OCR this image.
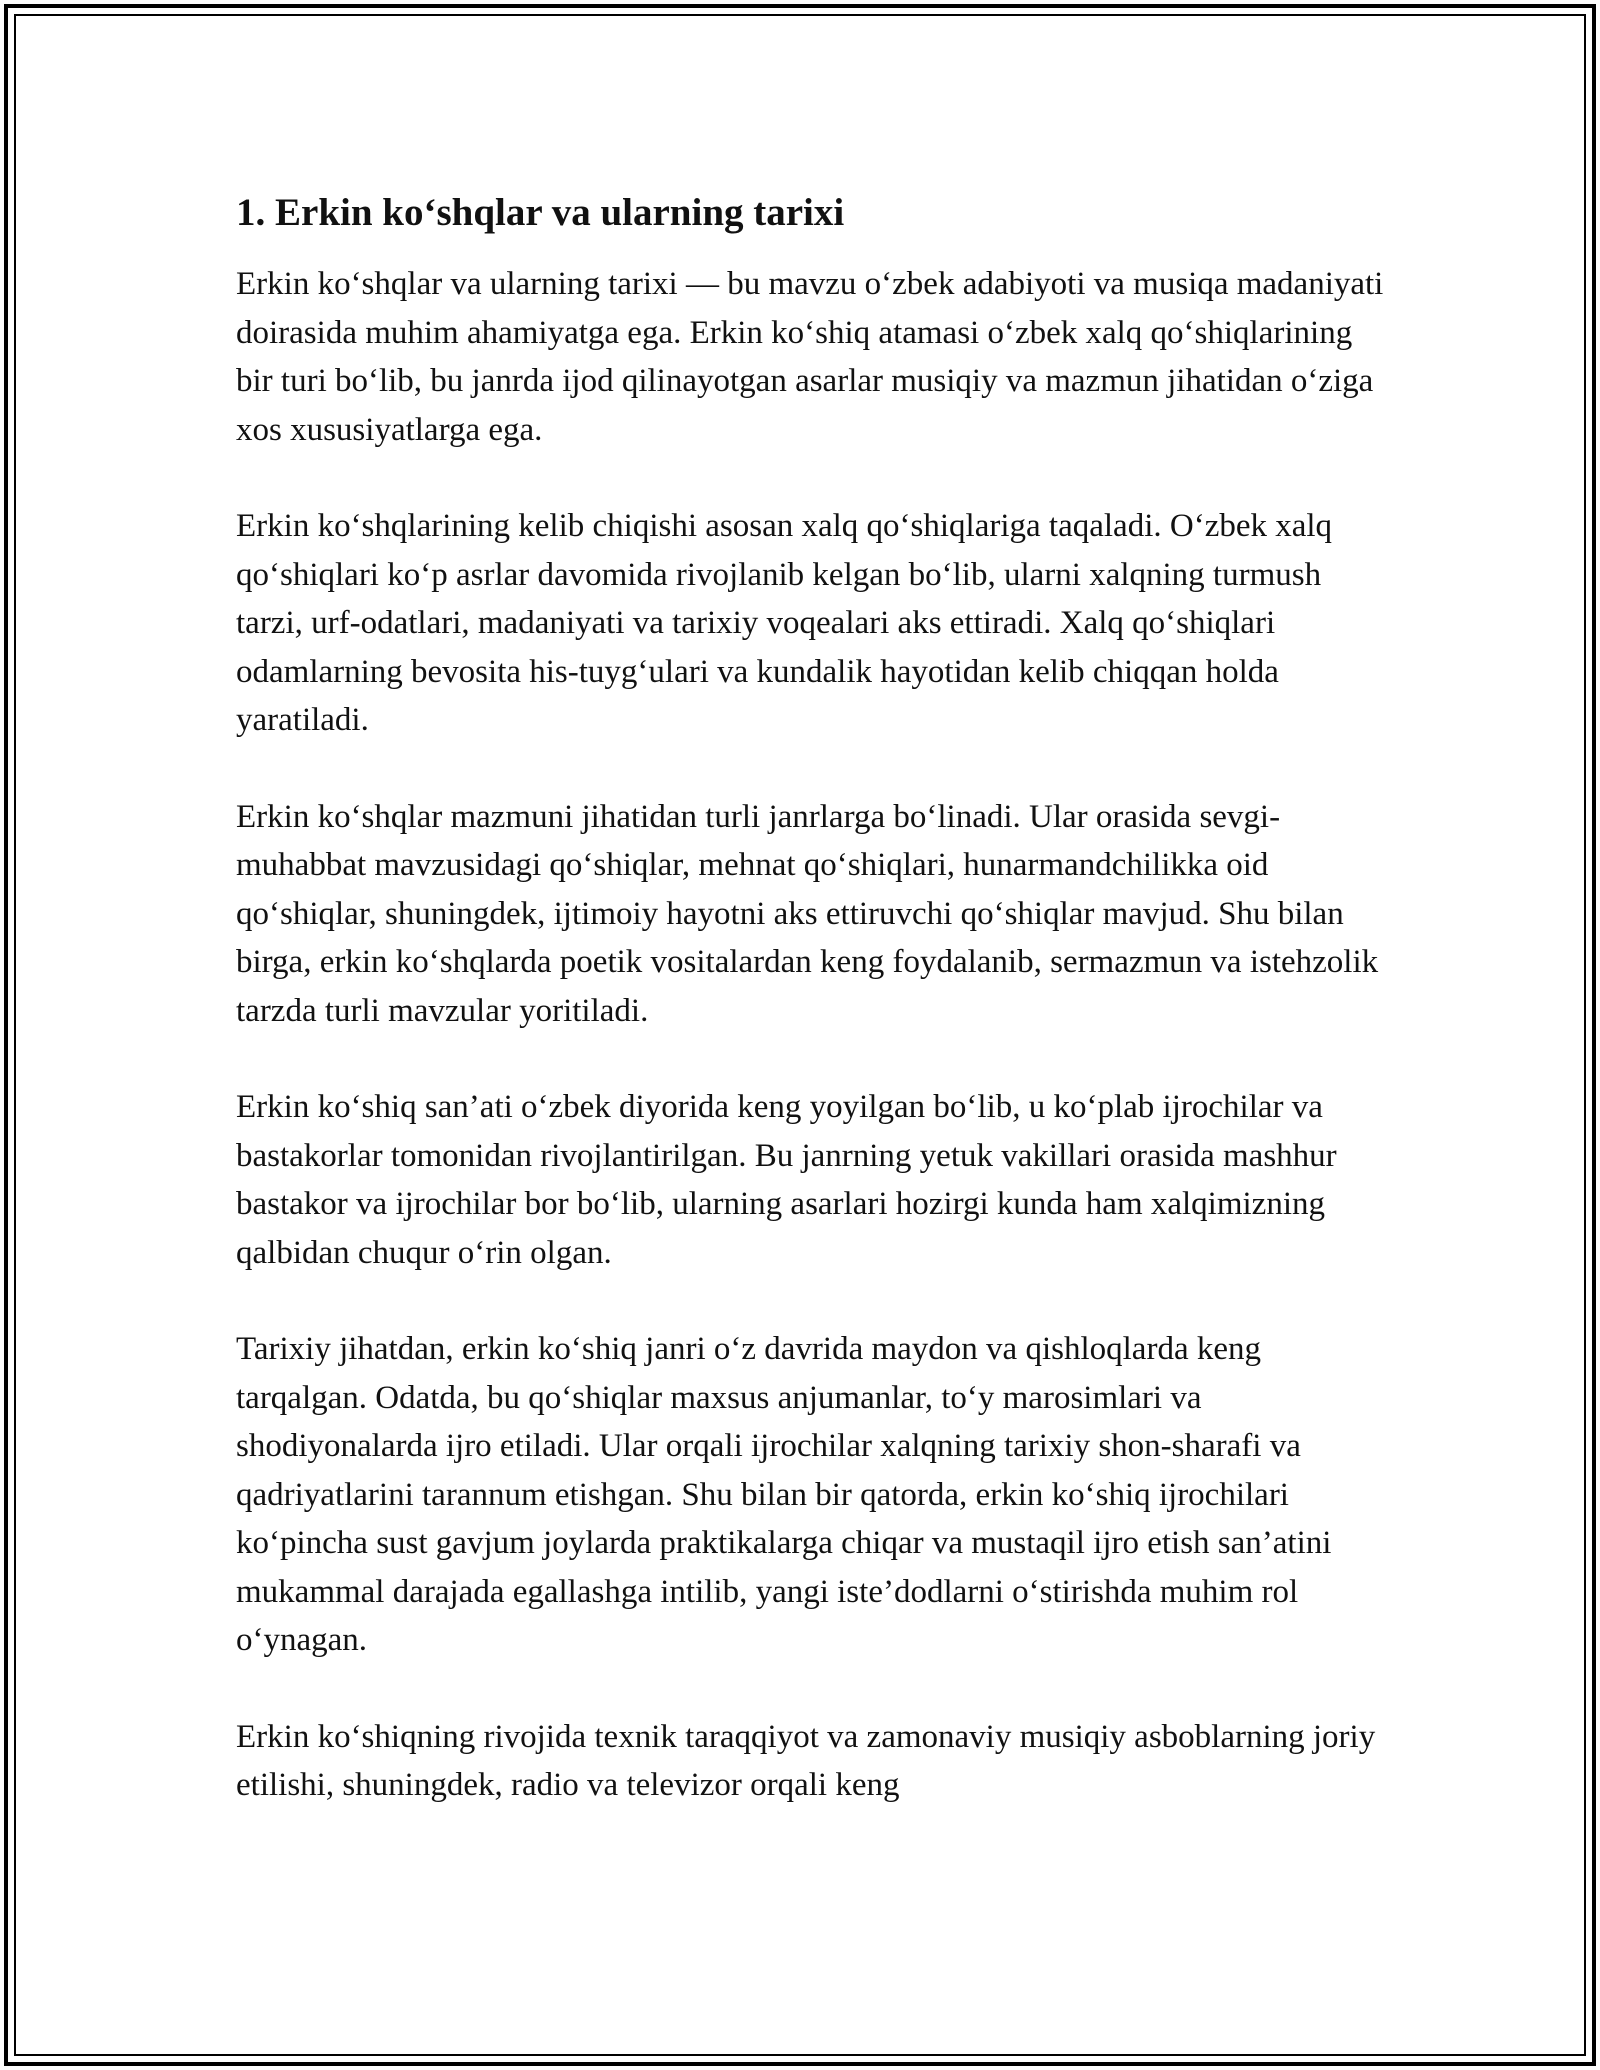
1. Erkin ko‘shqlar va ularning tarixi

Erkin ko‘shqlar va ularning tarixi — bu mavzu o‘zbek adabiyoti va musiqa madaniyati doirasida muhim ahamiyatga ega. Erkin ko‘shiq atamasi o‘zbek xalq qo‘shiqlarining bir turi bo‘lib, bu janrda ijod qilinayotgan asarlar musiqiy va mazmun jihatidan o‘ziga xos xususiyatlarga ega.

Erkin ko‘shqlarining kelib chiqishi asosan xalq qo‘shiqlariga taqaladi. O‘zbek xalq qo‘shiqlari ko‘p asrlar davomida rivojlanib kelgan bo‘lib, ularni xalqning turmush tarzi, urf-odatlari, madaniyati va tarixiy voqealari aks ettiradi. Xalq qo‘shiqlari odamlarning bevosita his-tuyg‘ulari va kundalik hayotidan kelib chiqqan holda yaratiladi.

Erkin ko‘shqlar mazmuni jihatidan turli janrlarga bo‘linadi. Ular orasida sevgi-muhabbat mavzusidagi qo‘shiqlar, mehnat qo‘shiqlari, hunarmandchilikka oid qo‘shiqlar, shuningdek, ijtimoiy hayotni aks ettiruvchi qo‘shiqlar mavjud. Shu bilan birga, erkin ko‘shqlarda poetik vositalardan keng foydalanib, sermazmun va istehzolik tarzda turli mavzular yoritiladi.

Erkin ko‘shiq san’ati o‘zbek diyorida keng yoyilgan bo‘lib, u ko‘plab ijrochilar va bastakorlar tomonidan rivojlantirilgan. Bu janrning yetuk vakillari orasida mashhur bastakor va ijrochilar bor bo‘lib, ularning asarlari hozirgi kunda ham xalqimizning qalbidan chuqur o‘rin olgan.

Tarixiy jihatdan, erkin ko‘shiq janri o‘z davrida maydon va qishloqlarda keng tarqalgan. Odatda, bu qo‘shiqlar maxsus anjumanlar, to‘y marosimlari va shodiyonalarda ijro etiladi. Ular orqali ijrochilar xalqning tarixiy shon-sharafi va qadriyatlarini tarannum etishgan. Shu bilan bir qatorda, erkin ko‘shiq ijrochilari ko‘pincha sust gavjum joylarda praktikalarga chiqar va mustaqil ijro etish san’atini mukammal darajada egallashga intilib, yangi iste’dodlarni o‘stirishda muhim rol o‘ynagan.

Erkin ko‘shiqning rivojida texnik taraqqiyot va zamonaviy musiqiy asboblarning joriy etilishi, shuningdek, radio va televizor orqali keng
